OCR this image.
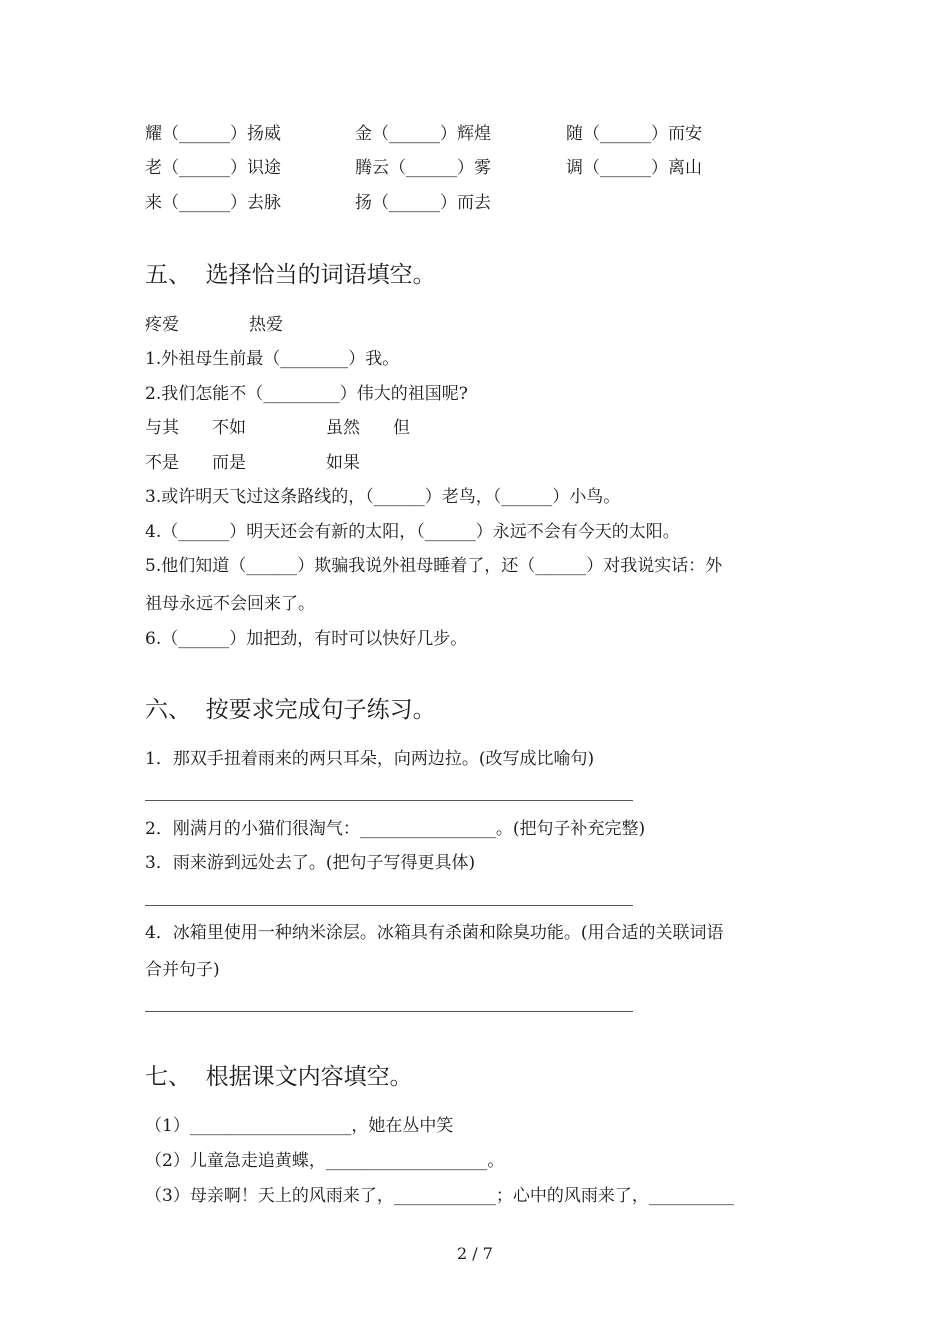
耀（______）扬威	金（______）辉煌	随（______）而安
老（______）识途	腾云（______）雾	调（______）离山
来（______）去脉	扬（______）而去
五、  选择恰当的词语填空。
疼爱	热爱
1.外祖母生前最（________）我。
2.我们怎能不（_________）伟大的祖国呢?
与其 不如	虽然 但
不是 而是	如果
3.或许明天飞过这条路线的，（______）老鸟，（______）小鸟。
4.（______）明天还会有新的太阳，（______）永远不会有今天的太阳。
5.他们知道（______）欺骗我说外祖母睡着了，还（______）对我说实话：外
祖母永远不会回来了。
6.（______）加把劲，有时可以快好几步。
六、  按要求完成句子练习。
1．那双手扭着雨来的两只耳朵，向两边拉。(改写成比喻句)
2．刚满月的小猫们很淘气：________________。(把句子补充完整)
3．雨来游到远处去了。(把句子写得更具体)
4．冰箱里使用一种纳米涂层。冰箱具有杀菌和除臭功能。(用合适的关联词语
合并句子)
七、  根据课文内容填空。
（1）___________________，她在丛中笑
（2）儿童急走追黄蝶，___________________。
（3）母亲啊！天上的风雨来了，____________；心中的风雨来了，__________
2 / 7
